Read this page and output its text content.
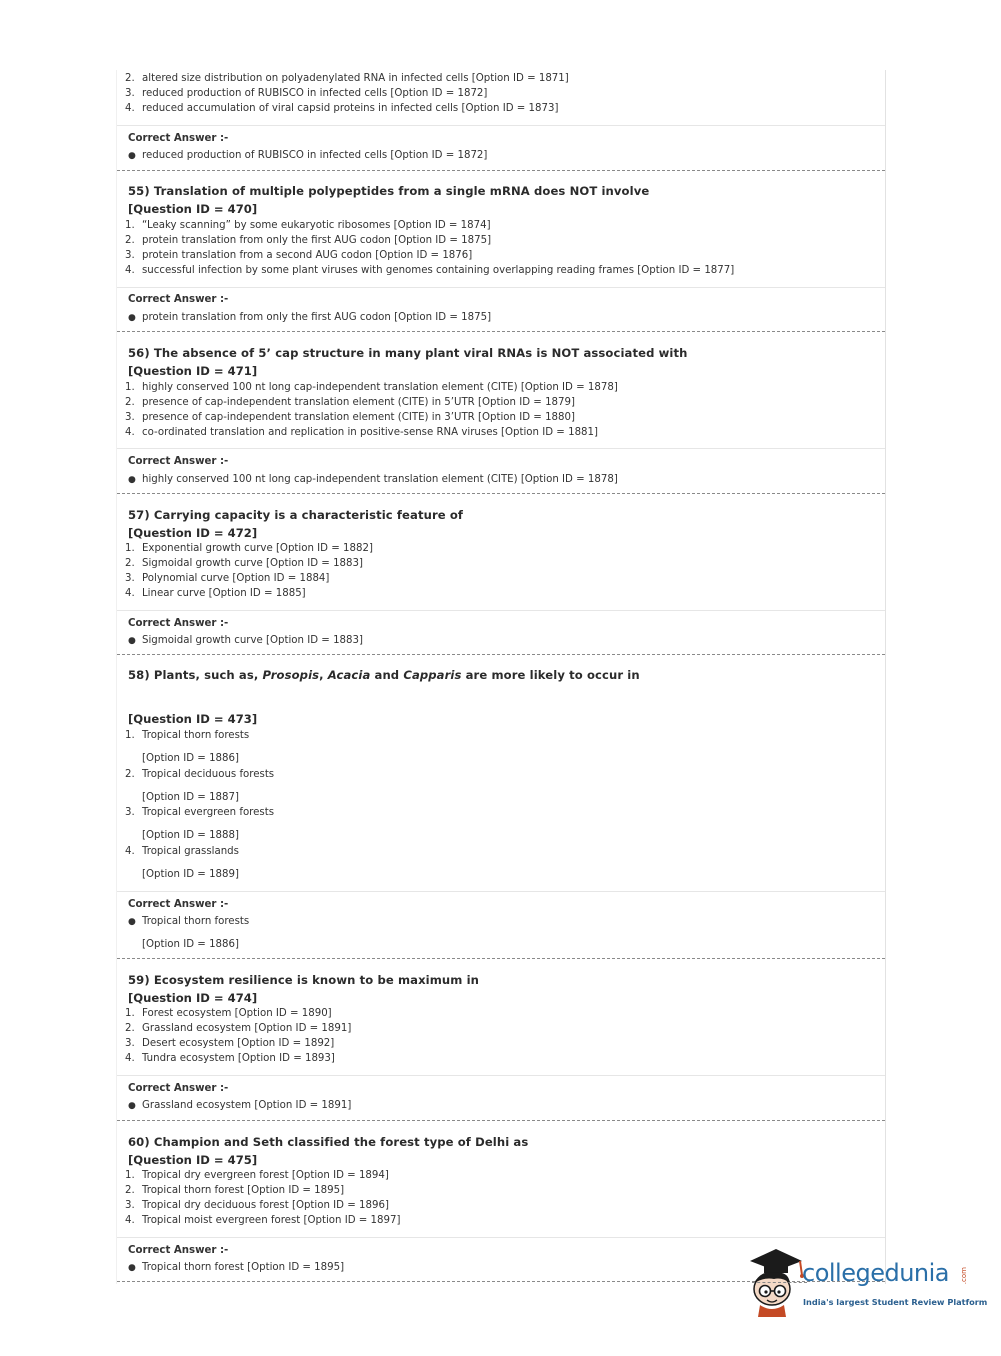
2. altered size distribution on polyadenylated RNA in infected cells [Option ID = 1871]
3. reduced production of RUBISCO in infected cells [Option ID = 1872]
4. reduced accumulation of viral capsid proteins in infected cells [Option ID = 1873]
Correct Answer :-
● reduced production of RUBISCO in infected cells [Option ID = 1872]
55) Translation of multiple polypeptides from a single mRNA does NOT involve
[Question ID = 470]
1. “Leaky scanning” by some eukaryotic ribosomes [Option ID = 1874]
2. protein translation from only the first AUG codon [Option ID = 1875]
3. protein translation from a second AUG codon [Option ID = 1876]
4. successful infection by some plant viruses with genomes containing overlapping reading frames [Option ID = 1877]
Correct Answer :-
● protein translation from only the first AUG codon [Option ID = 1875]
56) The absence of 5’ cap structure in many plant viral RNAs is NOT associated with
[Question ID = 471]
1. highly conserved 100 nt long cap-independent translation element (CITE) [Option ID = 1878]
2. presence of cap-independent translation element (CITE) in 5’UTR [Option ID = 1879]
3. presence of cap-independent translation element (CITE) in 3’UTR [Option ID = 1880]
4. co-ordinated translation and replication in positive-sense RNA viruses [Option ID = 1881]
Correct Answer :-
● highly conserved 100 nt long cap-independent translation element (CITE) [Option ID = 1878]
57) Carrying capacity is a characteristic feature of
[Question ID = 472]
1. Exponential growth curve [Option ID = 1882]
2. Sigmoidal growth curve [Option ID = 1883]
3. Polynomial curve [Option ID = 1884]
4. Linear curve [Option ID = 1885]
Correct Answer :-
● Sigmoidal growth curve [Option ID = 1883]
58) Plants, such as, Prosopis, Acacia and Capparis are more likely to occur in
[Question ID = 473]
1. Tropical thorn forests
[Option ID = 1886]
2. Tropical deciduous forests
[Option ID = 1887]
3. Tropical evergreen forests
[Option ID = 1888]
4. Tropical grasslands
[Option ID = 1889]
Correct Answer :-
● Tropical thorn forests
[Option ID = 1886]
59) Ecosystem resilience is known to be maximum in
[Question ID = 474]
1. Forest ecosystem [Option ID = 1890]
2. Grassland ecosystem [Option ID = 1891]
3. Desert ecosystem [Option ID = 1892]
4. Tundra ecosystem [Option ID = 1893]
Correct Answer :-
● Grassland ecosystem [Option ID = 1891]
60) Champion and Seth classified the forest type of Delhi as
[Question ID = 475]
1. Tropical dry evergreen forest [Option ID = 1894]
2. Tropical thorn forest [Option ID = 1895]
3. Tropical dry deciduous forest [Option ID = 1896]
4. Tropical moist evergreen forest [Option ID = 1897]
Correct Answer :-
● Tropical thorn forest [Option ID = 1895]	collegedunia .com
India's largest Student Review Platform
